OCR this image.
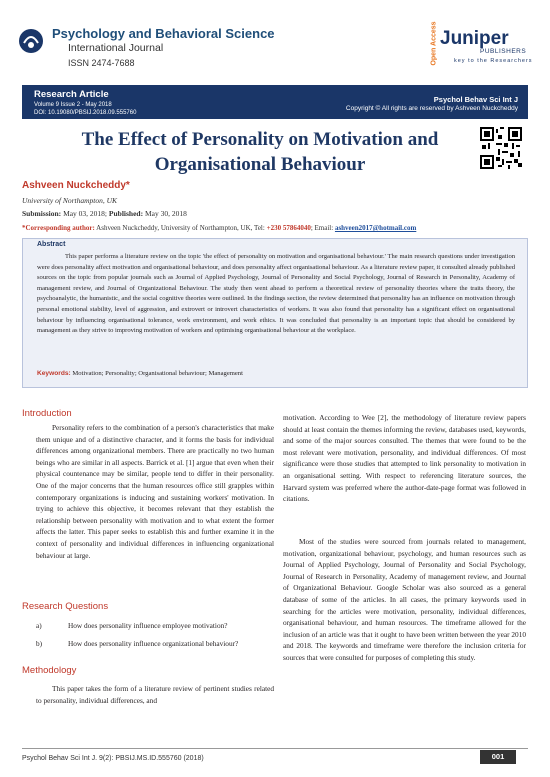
Psychology and Behavioral Science
International Journal
ISSN 2474-7688	Open Access Juniper
PUBLISHERS
key to the Researchers
Research Article
Volume 9 Issue 2 - May 2018
DOI: 10.19080/PBSIJ.2018.09.555760
Psychol Behav Sci Int J
Copyright © All rights are reserved by Ashveen Nuckcheddy
The Effect of Personality on Motivation and Organisational Behaviour
Ashveen Nuckcheddy*
University of Northampton, UK
Submission: May 03, 2018; Published: May 30, 2018
*Corresponding author: Ashveen Nuckcheddy, University of Northampton, UK, Tel: +230 57864040; Email: ashveen2017@hotmail.com
Abstract
This paper performs a literature review on the topic 'the effect of personality on motivation and organisational behaviour.' The main research questions under investigation were does personality affect motivation and organisational behaviour, and does personality affect organisational behaviour. As a literature review paper, it consulted already published sources on the topic from popular journals such as Journal of Applied Psychology, Journal of Personality and Social Psychology, Journal of Research in Personality, Academy of management review, and Journal of Organizational Behaviour. The study then went ahead to perform a theoretical review of personality theories where the traits theory, the psychoanalytic, the humanistic, and the social cognitive theories were outlined. In the findings section, the review determined that personality has an influence on motivation through personal emotional stability, level of aggression, and extrovert or introvert characteristics of workers. It was also found that personality has a significant effect on organisational behaviour by influencing organisational tolerance, work environment, and work ethics. It was concluded that personality is an important topic that should be considered by management as they strive to improving motivation of workers and optimising organisational behaviour at the workplace.
Keywords: Motivation; Personality; Organisational behaviour; Management
Introduction
Personality refers to the combination of a person's characteristics that make them unique and of a distinctive character, and it forms the basis for individual differences among organizational members. There are practically no two human beings who are similar in all aspects. Barrick et al. [1] argue that even when their physical countenance may be similar, people tend to differ in their personality. One of the major concerns that the human resources office still grapples within contemporary organizations is inducing and sustaining workers' motivation. In trying to achieve this objective, it becomes relevant that they establish the relationship between personality with motivation and to what extent the former affects the latter. This paper seeks to establish this and further examine it in the context of personality and individual differences in influencing organizational behaviour at large.
Research Questions
a)	How does personality influence employee motivation?
b)	How does personality influence organizational behaviour?
Methodology
This paper takes the form of a literature review of pertinent studies related to personality, individual differences, and
motivation. According to Wee [2], the methodology of literature review papers should at least contain the themes informing the review, databases used, keywords, and some of the major sources consulted. The themes that were found to be the most relevant were motivation, personality, and individual differences. Of most significance were those studies that attempted to link personality to motivation in an organisational setting. With respect to referencing literature sources, the Harvard system was preferred where the author-date-page format was followed in citations.
Most of the studies were sourced from journals related to management, motivation, organizational behaviour, psychology, and human resources such as Journal of Applied Psychology, Journal of Personality and Social Psychology, Journal of Research in Personality, Academy of management review, and Journal of Organizational Behaviour. Google Scholar was also sourced as a general database of some of the articles. In all cases, the primary keywords used in searching for the articles were motivation, personality, individual differences, organisational behaviour, and human resources. The timeframe allowed for the inclusion of an article was that it ought to have been written between the year 2010 and 2018. The keywords and timeframe were therefore the inclusion criteria for sources that were consulted for purposes of completing this study.
Psychol Behav Sci Int J. 9(2): PBSIJ.MS.ID.555760 (2018)	001
